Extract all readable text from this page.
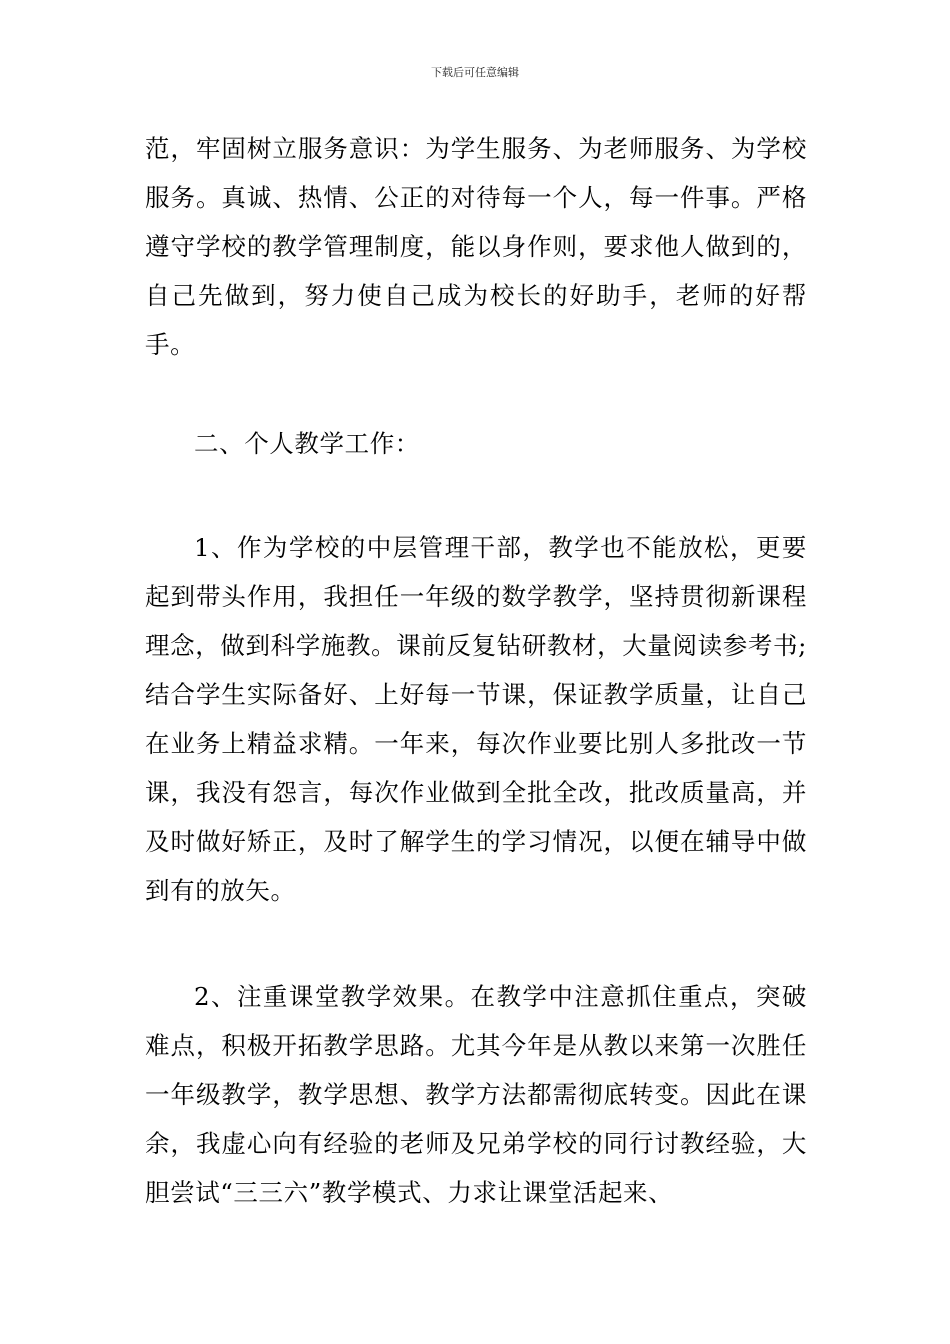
下载后可任意编辑

范，牢固树立服务意识：为学生服务、为老师服务、为学校服务。真诚、热情、公正的对待每一个人，每一件事。严格遵守学校的教学管理制度，能以身作则，要求他人做到的，自己先做到，努力使自己成为校长的好助手，老师的好帮手。

二、个人教学工作：

1、作为学校的中层管理干部，教学也不能放松，更要起到带头作用，我担任一年级的数学教学，坚持贯彻新课程理念，做到科学施教。课前反复钻研教材，大量阅读参考书;结合学生实际备好、上好每一节课，保证教学质量，让自己在业务上精益求精。一年来，每次作业要比别人多批改一节课，我没有怨言，每次作业做到全批全改，批改质量高，并及时做好矫正，及时了解学生的学习情况，以便在辅导中做到有的放矢。

2、注重课堂教学效果。在教学中注意抓住重点，突破难点，积极开拓教学思路。尤其今年是从教以来第一次胜任一年级教学，教学思想、教学方法都需彻底转变。因此在课余，我虚心向有经验的老师及兄弟学校的同行讨教经验，大胆尝试“三三六”教学模式、力求让课堂活起来、
